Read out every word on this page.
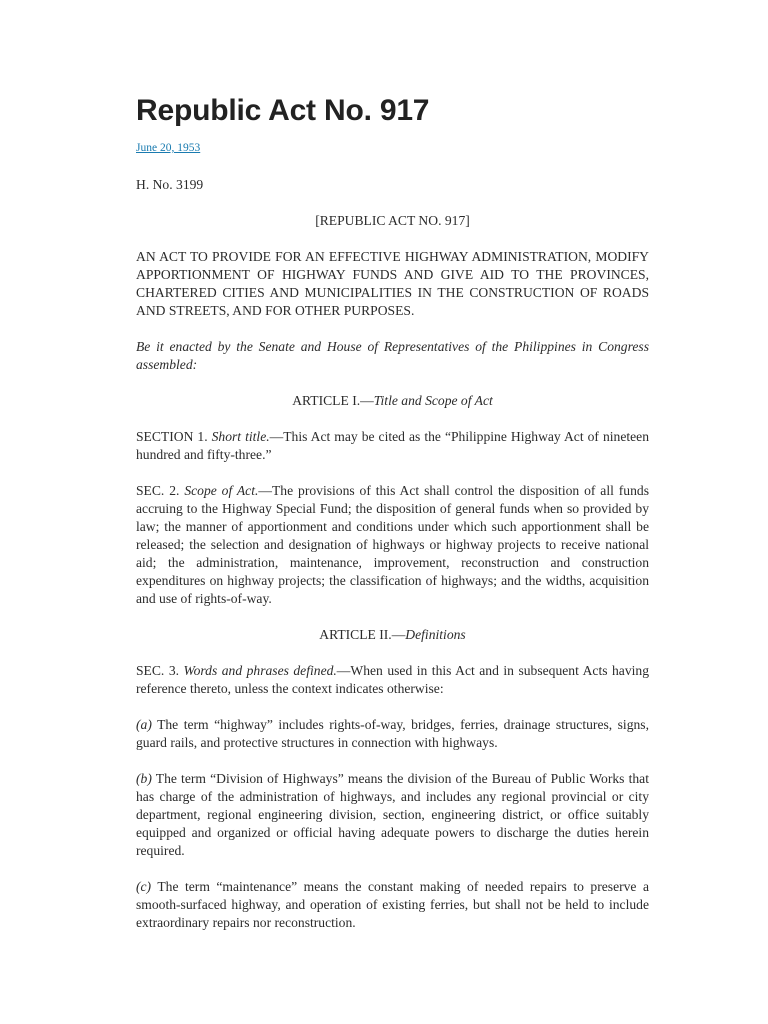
Republic Act No. 917
June 20, 1953

H. No. 3199

[REPUBLIC ACT NO. 917]

AN ACT TO PROVIDE FOR AN EFFECTIVE HIGHWAY ADMINISTRATION, MODIFY APPORTIONMENT OF HIGHWAY FUNDS AND GIVE AID TO THE PROVINCES, CHARTERED CITIES AND MUNICIPALITIES IN THE CONSTRUCTION OF ROADS AND STREETS, AND FOR OTHER PURPOSES.

Be it enacted by the Senate and House of Representatives of the Philippines in Congress assembled:

ARTICLE I.—Title and Scope of Act

SECTION 1. Short title.—This Act may be cited as the “Philippine Highway Act of nineteen hundred and fifty-three.”

SEC. 2. Scope of Act.—The provisions of this Act shall control the disposition of all funds accruing to the Highway Special Fund; the disposition of general funds when so provided by law; the manner of apportionment and conditions under which such apportionment shall be released; the selection and designation of highways or highway projects to receive national aid; the administration, maintenance, improvement, reconstruction and construction expenditures on highway projects; the classification of highways; and the widths, acquisition and use of rights-of-way.

ARTICLE II.—Definitions

SEC. 3. Words and phrases defined.—When used in this Act and in subsequent Acts having reference thereto, unless the context indicates otherwise:

(a) The term “highway” includes rights-of-way, bridges, ferries, drainage structures, signs, guard rails, and protective structures in connection with highways.

(b) The term “Division of Highways” means the division of the Bureau of Public Works that has charge of the administration of highways, and includes any regional provincial or city department, regional engineering division, section, engineering district, or office suitably equipped and organized or official having adequate powers to discharge the duties herein required.

(c) The term “maintenance” means the constant making of needed repairs to preserve a smooth-surfaced highway, and operation of existing ferries, but shall not be held to include extraordinary repairs nor reconstruction.
